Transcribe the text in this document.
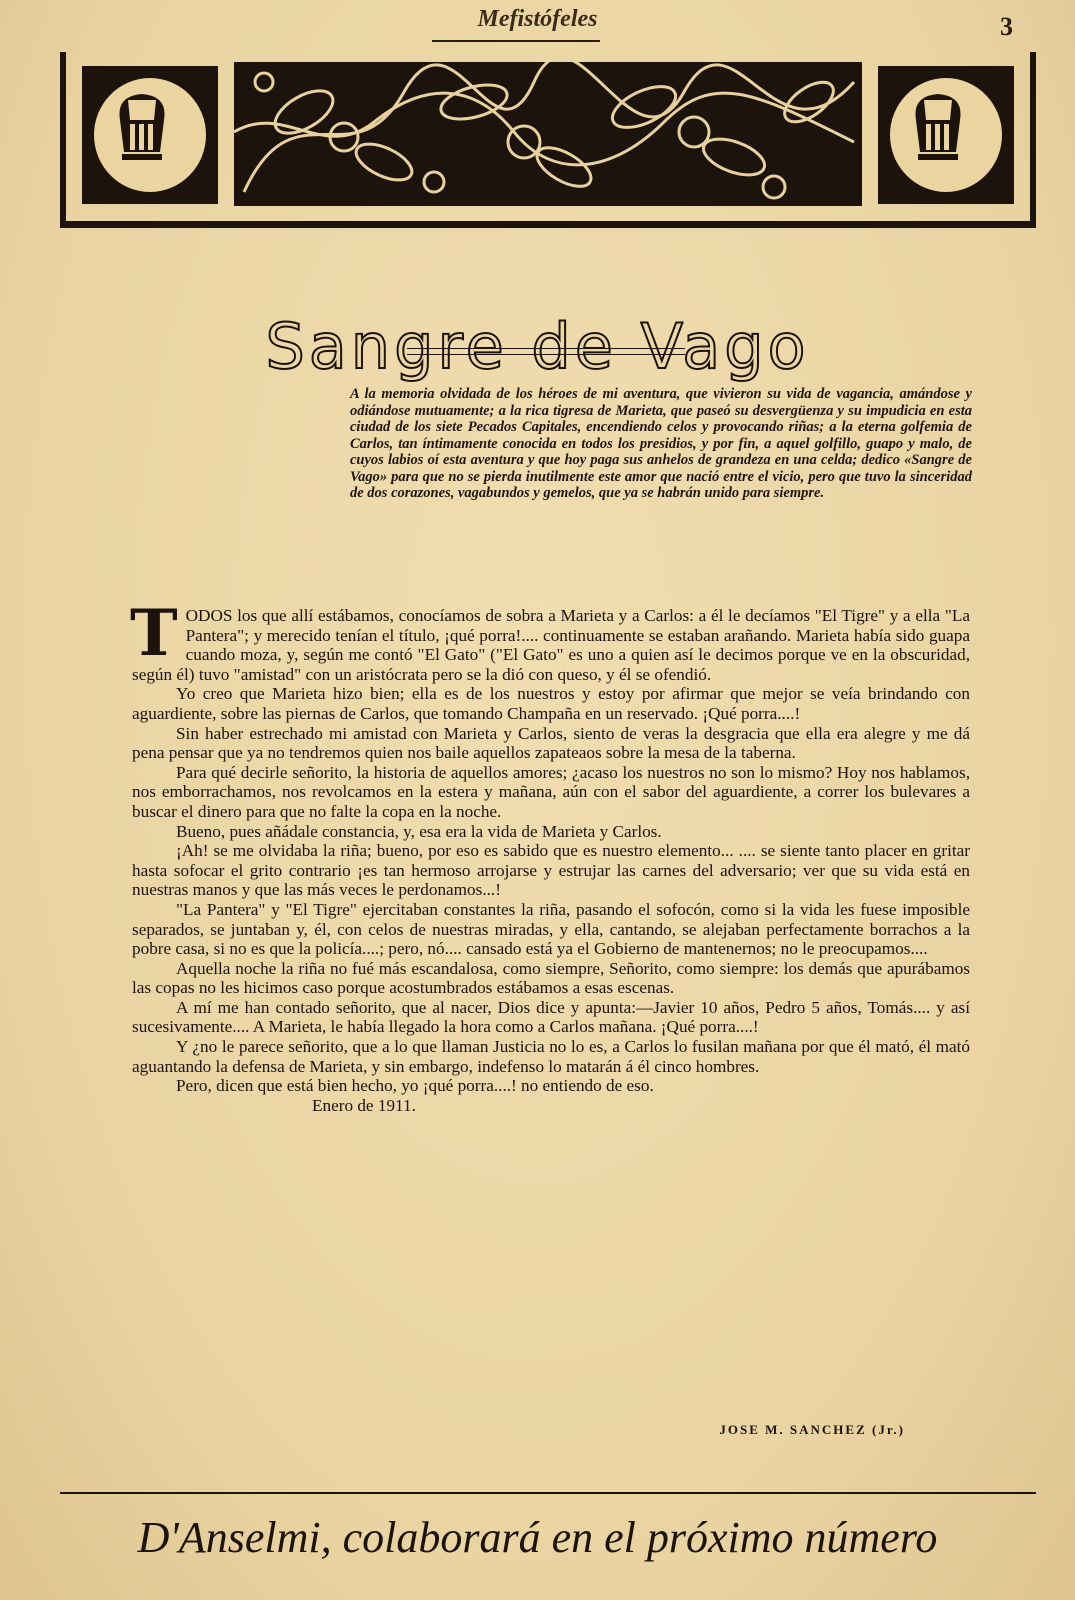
Mefistófeles	3
Sangre de Vago
A la memoria olvidada de los héroes de mi aventura, que vivieron su vida de vagancia, amándose y odiándose mutuamente; a la rica tigresa de Marieta, que paseó su desvergüenza y su impudicia en esta ciudad de los siete Pecados Capitales, encendiendo celos y provocando riñas; a la eterna golfemia de Carlos, tan íntimamente conocida en todos los presidios, y por fin, a aquel golfillo, guapo y malo, de cuyos labios oí esta aventura y que hoy paga sus anhelos de grandeza en una celda; dedico «Sangre de Vago» para que no se pierda inutilmente este amor que nació entre el vicio, pero que tuvo la sinceridad de dos corazones, vagabundos y gemelos, que ya se habrán unido para siempre.

TODOS los que allí estábamos, conocíamos de sobra a Marieta y a Carlos: a él le decíamos "El Tigre" y a ella "La Pantera"; y merecido tenían el título, ¡qué porra!.... continuamente se estaban arañando. Marieta había sido guapa cuando moza, y, según me contó "El Gato" ("El Gato" es uno a quien así le decimos porque ve en la obscuridad, según él) tuvo "amistad" con un aristócrata pero se la dió con queso, y él se ofendió.

Yo creo que Marieta hizo bien; ella es de los nuestros y estoy por afirmar que mejor se veía brindando con aguardiente, sobre las piernas de Carlos, que tomando Champaña en un reservado. ¡Qué porra....!

Sin haber estrechado mi amistad con Marieta y Carlos, siento de veras la desgracia que ella era alegre y me dá pena pensar que ya no tendremos quien nos baile aquellos zapateaos sobre la mesa de la taberna.

Para qué decirle señorito, la historia de aquellos amores; ¿acaso los nuestros no son lo mismo? Hoy nos hablamos, nos emborrachamos, nos revolcamos en la estera y mañana, aún con el sabor del aguardiente, a correr los bulevares a buscar el dinero para que no falte la copa en la noche.

Bueno, pues añádale constancia, y, esa era la vida de Marieta y Carlos.

¡Ah! se me olvidaba la riña; bueno, por eso es sabido que es nuestro elemento... .... se siente tanto placer en gritar hasta sofocar el grito contrario ¡es tan hermoso arrojarse y estrujar las carnes del adversario; ver que su vida está en nuestras manos y que las más veces le perdonamos...!

"La Pantera" y "El Tigre" ejercitaban constantes la riña, pasando el sofocón, como si la vida les fuese imposible separados, se juntaban y, él, con celos de nuestras miradas, y ella, cantando, se alejaban perfectamente borrachos a la pobre casa, si no es que la policía....; pero, nó.... cansado está ya el Gobierno de mantenernos; no le preocupamos....

Aquella noche la riña no fué más escandalosa, como siempre, Señorito, como siempre: los demás que apurábamos las copas no les hicimos caso porque acostumbrados estábamos a esas escenas.

A mí me han contado señorito, que al nacer, Dios dice y apunta:—Javier 10 años, Pedro 5 años, Tomás.... y así sucesivamente.... A Marieta, le había llegado la hora como a Carlos mañana. ¡Qué porra....!

Y ¿no le parece señorito, que a lo que llaman Justicia no lo es, a Carlos lo fusilan mañana por que él mató, él mató aguantando la defensa de Marieta, y sin embargo, indefenso lo matarán á él cinco hombres.

Pero, dicen que está bien hecho, yo ¡qué porra....! no entiendo de eso.

Enero de 1911.

JOSE M. SANCHEZ (Jr.)
D'Anselmi, colaborará en el próximo número
